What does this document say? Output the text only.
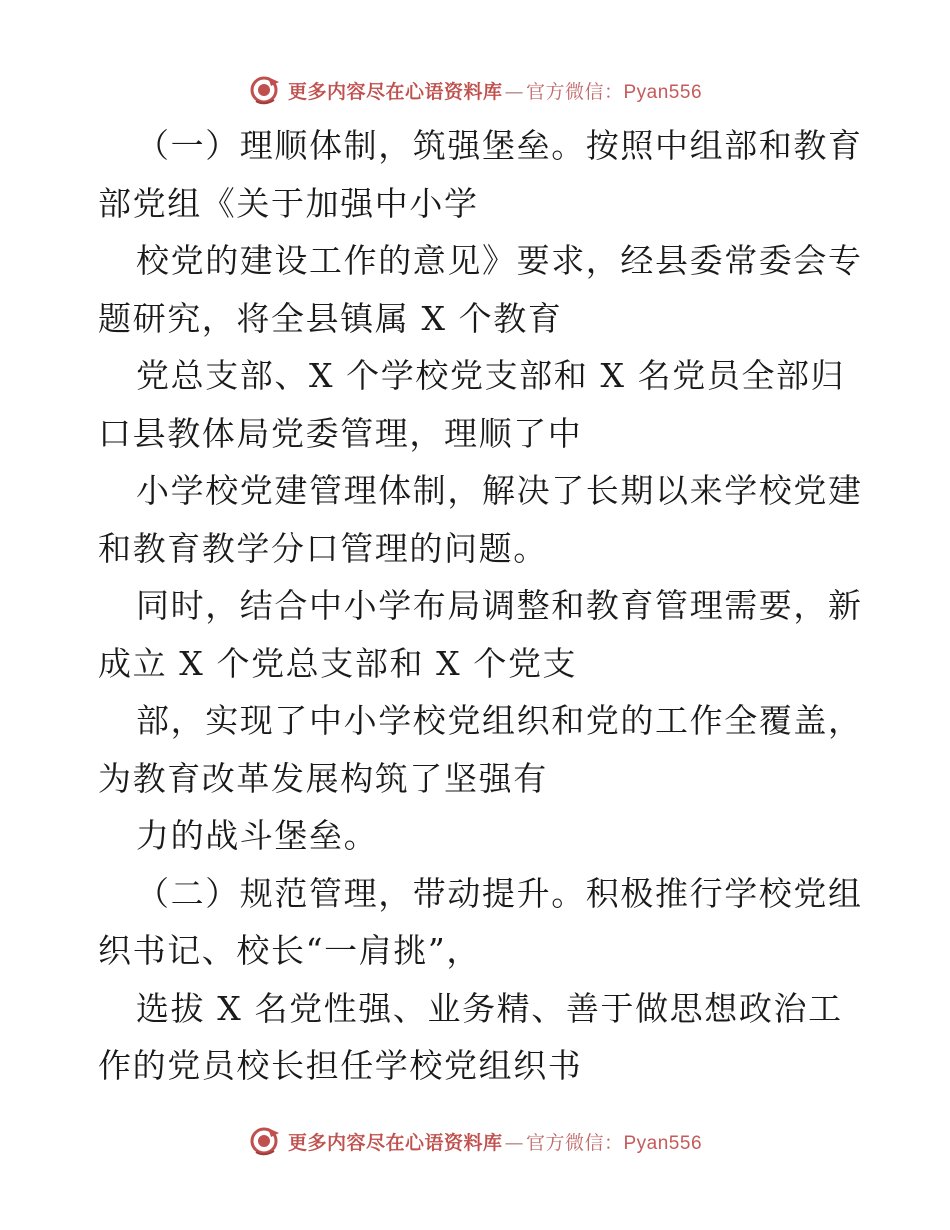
更多内容尽在心语资料库 — 官方微信：Pyan556
（一）理顺体制，筑强堡垒。按照中组部和教育
部党组《关于加强中小学
校党的建设工作的意见》要求，经县委常委会专
题研究，将全县镇属 X 个教育
党总支部、X 个学校党支部和 X 名党员全部归
口县教体局党委管理，理顺了中
小学校党建管理体制，解决了长期以来学校党建
和教育教学分口管理的问题。
同时，结合中小学布局调整和教育管理需要，新
成立 X 个党总支部和 X 个党支
部，实现了中小学校党组织和党的工作全覆盖，
为教育改革发展构筑了坚强有
力的战斗堡垒。
（二）规范管理，带动提升。积极推行学校党组
织书记、校长“一肩挑”，
选拔 X 名党性强、业务精、善于做思想政治工
作的党员校长担任学校党组织书
更多内容尽在心语资料库 — 官方微信：Pyan556
